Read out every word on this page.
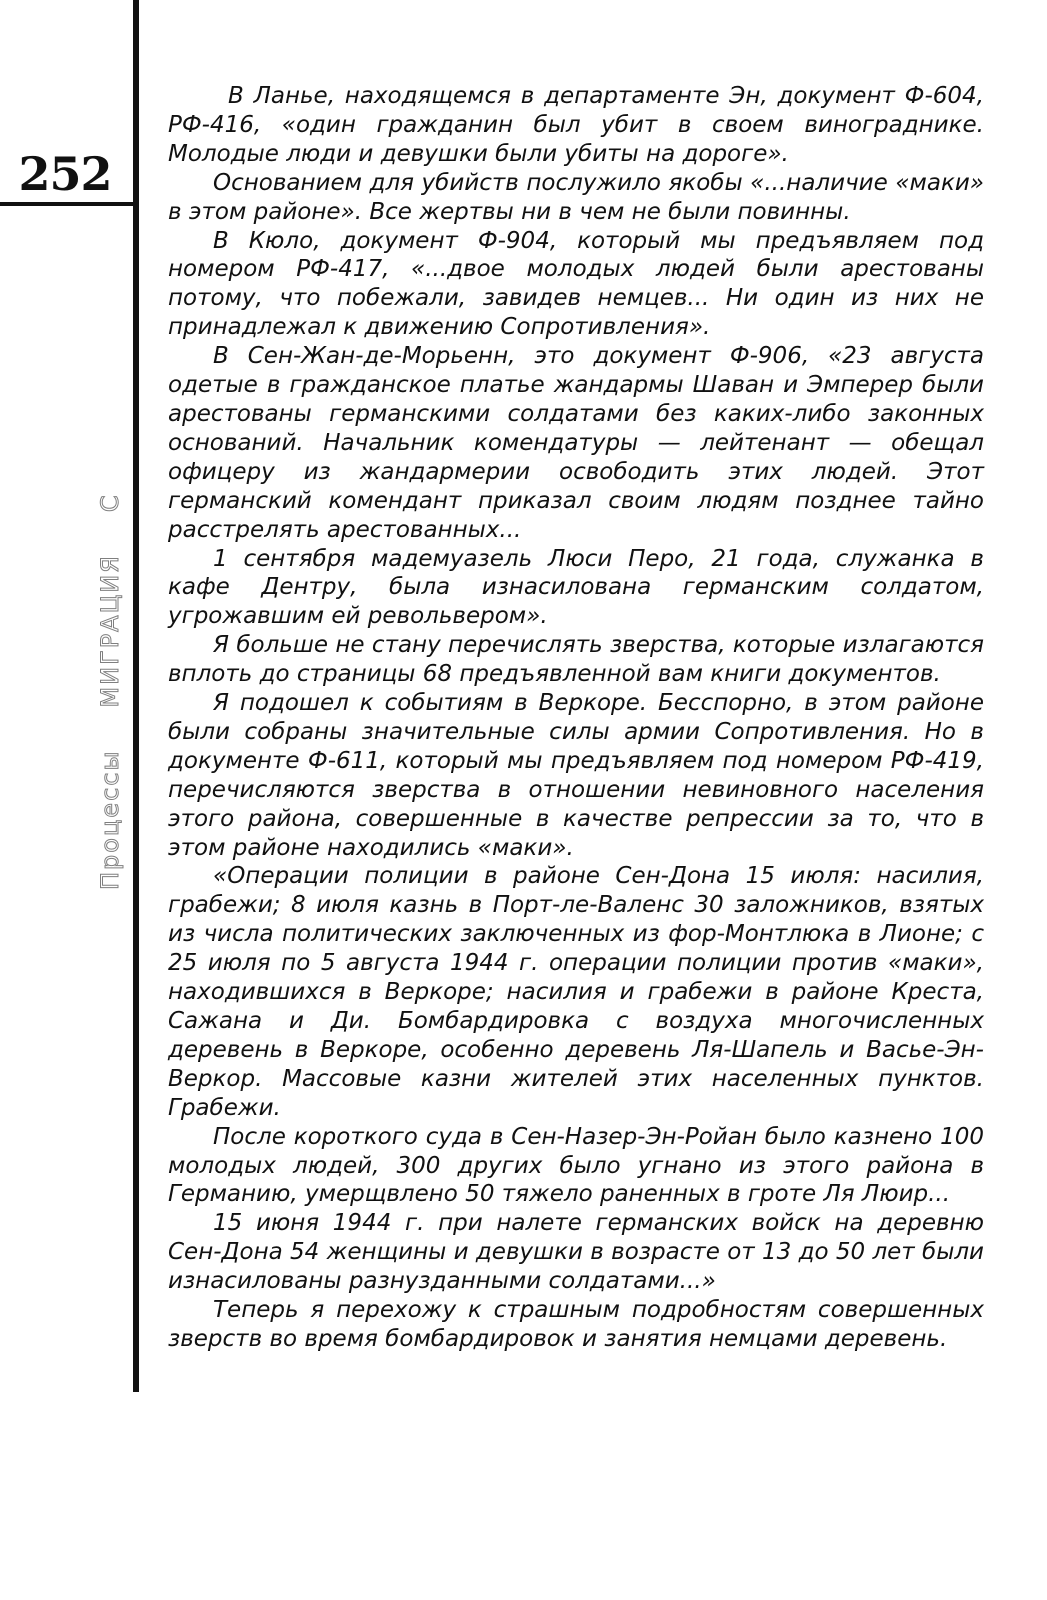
252
ПроцессыМИГРАЦИЯС

В Ланье, находящемся в департаменте Эн, документ Ф-604, РФ-416, «один гражданин был убит в своем виноградникe. Молодые люди и девушки были убиты на дороге».

Основанием для убийств послужило якобы «...наличие «маки» в этом районе». Все жертвы ни в чем не были повинны.

В Кюло, документ Ф-904, который мы предъявляем под номером РФ-417, «...двое молодых людей были арестованы потому, что побежали, завидев немцев... Ни один из них не принадлежал к движению Сопротивления».

В Сен-Жан-де-Морьенн, это документ Ф-906, «23 августа одетые в гражданское платье жандармы Шаван и Эмперер были арестованы германскими солдатами без каких-либо законных оснований. Начальник комендатуры — лейтенант — обещал офицеру из жандармерии освободить этих людей. Этот германский комендант приказал своим людям позднее тайно расстрелять арестованных...

1 сентября мадемуазель Люси Перо, 21 года, служанка в кафе Дентру, была изнасилована германским солдатом, угрожавшим ей револьвером».

Я больше не стану перечислять зверства, которые излагаются вплоть до страницы 68 предъявленной вам книги документов.

Я подошел к событиям в Веркоре. Бесспорно, в этом районе были собраны значительные силы армии Сопротивления. Но в документе Ф-611, который мы предъявляем под номером РФ-419, перечисляются зверства в отношении невиновного населения этого района, совершенные в качестве репрессии за то, что в этом районе находились «маки».

«Операции полиции в районе Сен-Дона 15 июля: насилия, грабежи; 8 июля казнь в Порт-ле-Валенс 30 заложников, взятых из числа политических заключенных из фор-Монтлюка в Лионе; с 25 июля по 5 августа 1944 г. операции полиции против «маки», находившихся в Веркоре; насилия и грабежи в районе Креста, Сажана и Ди. Бомбардировка с воздуха многочисленных деревень в Веркоре, особенно деревень Ля-Шапель и Васье-Эн-Веркор. Массовые казни жителей этих населенных пунктов. Грабежи.

После короткого суда в Сен-Назер-Эн-Ройан было казнено 100 молодых людей, 300 других было угнано из этого района в Германию, умерщвлено 50 тяжело раненных в гроте Ля Люир...

15 июня 1944 г. при налете германских войск на деревню Сен-Дона 54 женщины и девушки в возрасте от 13 до 50 лет были изнасилованы разнузданными солдатами...»

Теперь я перехожу к страшным подробностям совершенных зверств во время бомбардировок и занятия немцами деревень.
